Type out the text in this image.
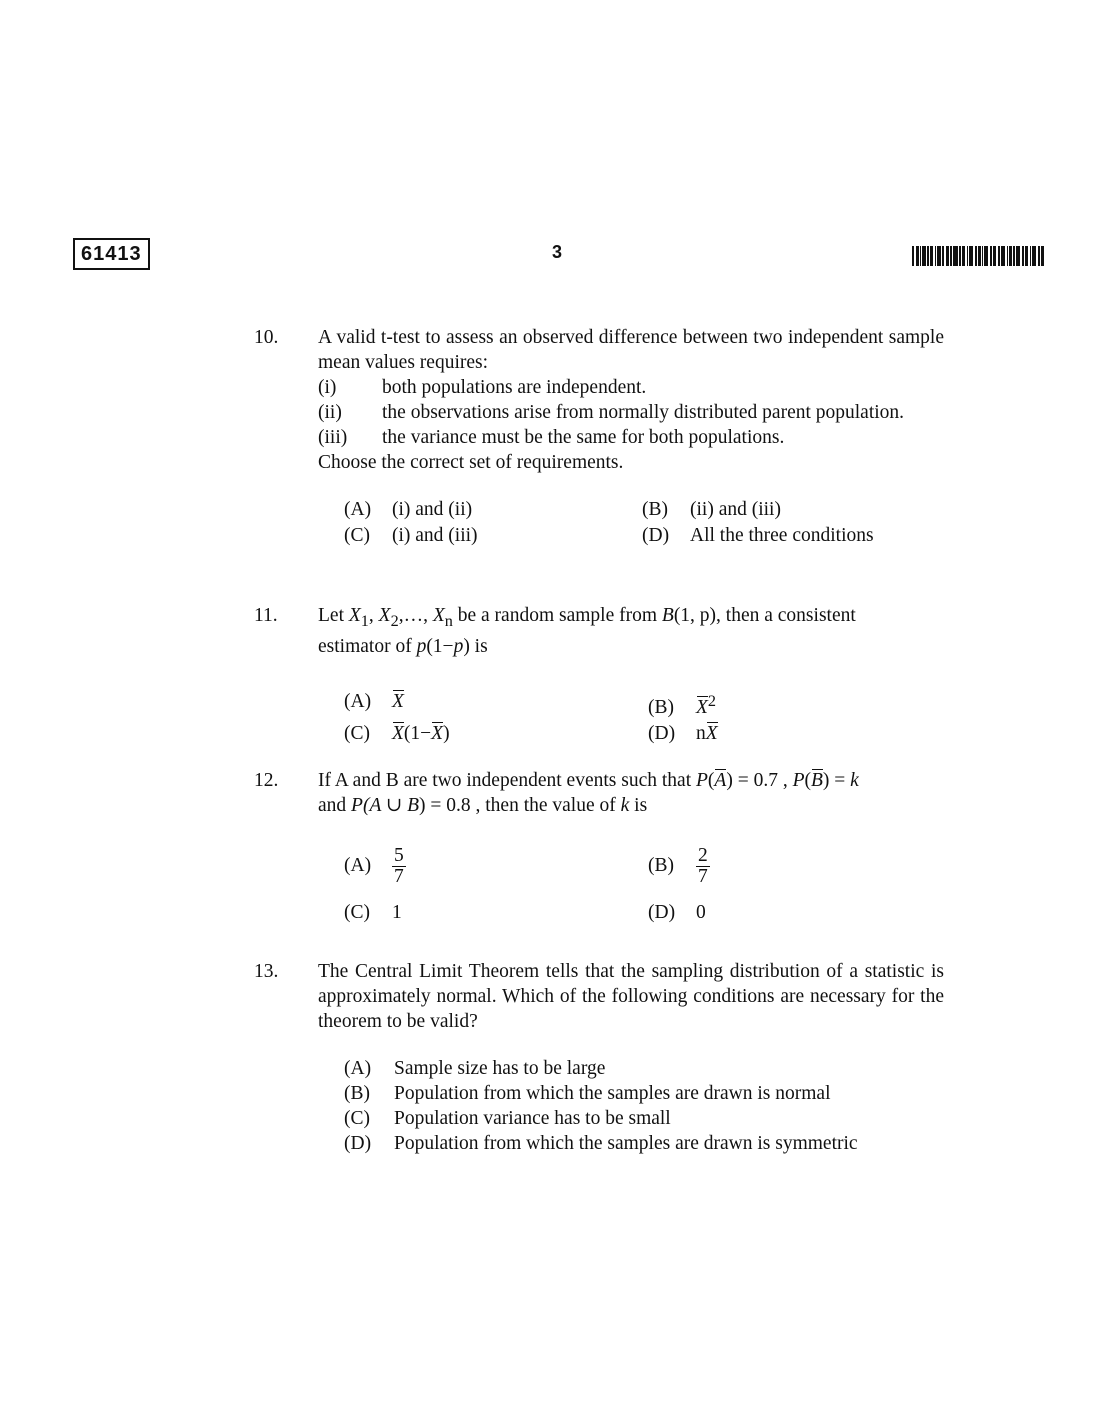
61413	3
10. A valid t-test to assess an observed difference between two independent sample mean values requires:
(i)	both populations are independent.
(ii)	the observations arise from normally distributed parent population.
(iii)	the variance must be the same for both populations.
Choose the correct set of requirements.
(A) (i) and (ii)	(B) (ii) and (iii)
(C) (i) and (iii)	(D) All the three conditions
11. Let $X_1$, $X_2,\dots$, $X_n$ be a random sample from B(1, p), then a consistent
estimator of p(1−p) is
(A) X	(B) $X^2$
(C) X(1−X)	(D) nX
12. If A and B are two independent events such that P(A) = 0.7 , P(B) = k
and P(A ∪ B) = 0.8 , then the value of k is
$(A) \frac{5}{7}$	$(B) \frac{2}{7}$
(C) 1	(D) 0
13. The Central Limit Theorem tells that the sampling distribution of a statistic is approximately normal. Which of the following conditions are necessary for the theorem to be valid?
(A)	Sample size has to be large
(B)	Population from which the samples are drawn is normal
(C)	Population variance has to be small
(D)	Population from which the samples are drawn is symmetric
